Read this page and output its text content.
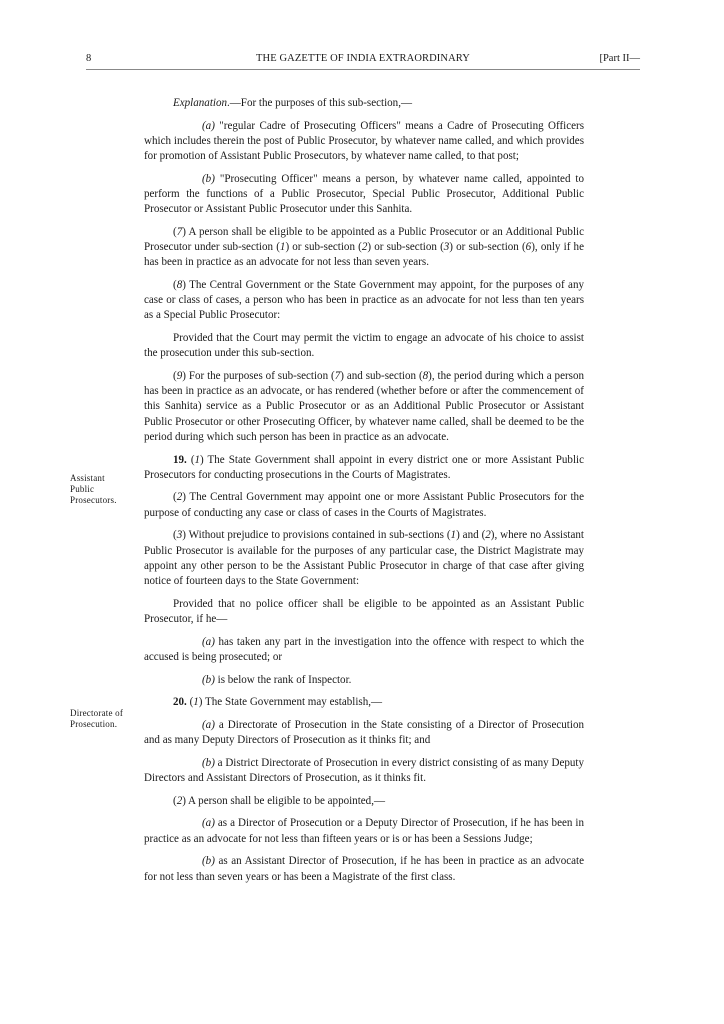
8	THE GAZETTE OF INDIA EXTRAORDINARY	[Part II—
Assistant
Public
Prosecutors.
Directorate of
Prosecution.

Explanation.—For the purposes of this sub-section,—

(a) "regular Cadre of Prosecuting Officers" means a Cadre of Prosecuting Officers which includes therein the post of Public Prosecutor, by whatever name called, and which provides for promotion of Assistant Public Prosecutors, by whatever name called, to that post;

(b) "Prosecuting Officer" means a person, by whatever name called, appointed to perform the functions of a Public Prosecutor, Special Public Prosecutor, Additional Public Prosecutor or Assistant Public Prosecutor under this Sanhita.

(7) A person shall be eligible to be appointed as a Public Prosecutor or an Additional Public Prosecutor under sub-section (1) or sub-section (2) or sub-section (3) or sub-section (6), only if he has been in practice as an advocate for not less than seven years.

(8) The Central Government or the State Government may appoint, for the purposes of any case or class of cases, a person who has been in practice as an advocate for not less than ten years as a Special Public Prosecutor:

Provided that the Court may permit the victim to engage an advocate of his choice to assist the prosecution under this sub-section.

(9) For the purposes of sub-section (7) and sub-section (8), the period during which a person has been in practice as an advocate, or has rendered (whether before or after the commencement of this Sanhita) service as a Public Prosecutor or as an Additional Public Prosecutor or Assistant Public Prosecutor or other Prosecuting Officer, by whatever name called, shall be deemed to be the period during which such person has been in practice as an advocate.

19. (1) The State Government shall appoint in every district one or more Assistant Public Prosecutors for conducting prosecutions in the Courts of Magistrates.

(2) The Central Government may appoint one or more Assistant Public Prosecutors for the purpose of conducting any case or class of cases in the Courts of Magistrates.

(3) Without prejudice to provisions contained in sub-sections (1) and (2), where no Assistant Public Prosecutor is available for the purposes of any particular case, the District Magistrate may appoint any other person to be the Assistant Public Prosecutor in charge of that case after giving notice of fourteen days to the State Government:

Provided that no police officer shall be eligible to be appointed as an Assistant Public Prosecutor, if he—

(a) has taken any part in the investigation into the offence with respect to which the accused is being prosecuted; or

(b) is below the rank of Inspector.

20. (1) The State Government may establish,—

(a) a Directorate of Prosecution in the State consisting of a Director of Prosecution and as many Deputy Directors of Prosecution as it thinks fit; and

(b) a District Directorate of Prosecution in every district consisting of as many Deputy Directors and Assistant Directors of Prosecution, as it thinks fit.

(2) A person shall be eligible to be appointed,—

(a) as a Director of Prosecution or a Deputy Director of Prosecution, if he has been in practice as an advocate for not less than fifteen years or is or has been a Sessions Judge;

(b) as an Assistant Director of Prosecution, if he has been in practice as an advocate for not less than seven years or has been a Magistrate of the first class.
